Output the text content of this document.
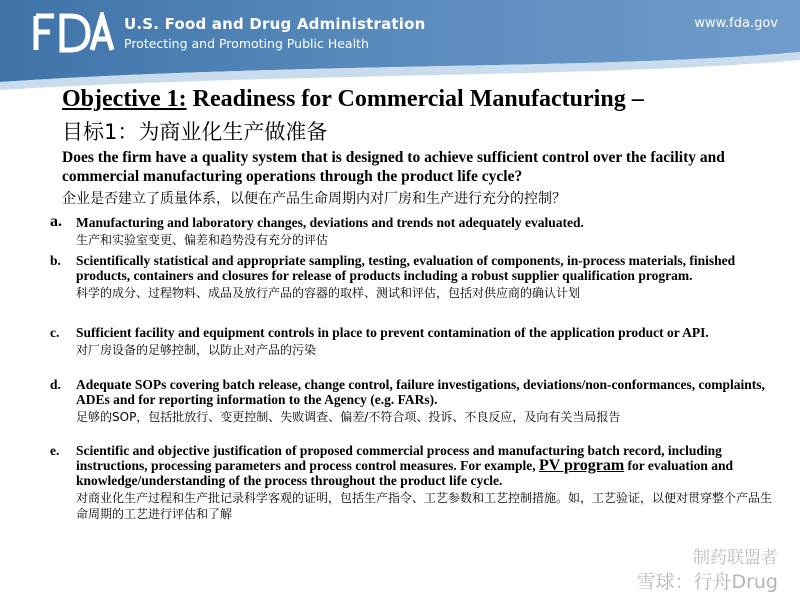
U.S. Food and Drug Administration
Protecting and Promoting Public Health
www.fda.gov
Objective 1: Readiness for Commercial Manufacturing –
目标1：为商业化生产做准备
Does the firm have a quality system that is designed to achieve sufficient control over the facility and commercial manufacturing operations through the product life cycle?
企业是否建立了质量体系，以便在产品生命周期内对厂房和生产进行充分的控制？
a. Manufacturing and laboratory changes, deviations and trends not adequately evaluated.
生产和实验室变更、偏差和趋势没有充分的评估
b. Scientifically statistical and appropriate sampling, testing, evaluation of components, in-process materials, finished products, containers and closures for release of products including a robust supplier qualification program.
科学的成分、过程物料、成品及放行产品的容器的取样、测试和评估，包括对供应商的确认计划
c. Sufficient facility and equipment controls in place to prevent contamination of the application product or API.
对厂房设备的足够控制，以防止对产品的污染
d. Adequate SOPs covering batch release, change control, failure investigations, deviations/non-conformances, complaints, ADEs and for reporting information to the Agency (e.g. FARs).
足够的SOP，包括批放行、变更控制、失败调查、偏差/不符合项、投诉、不良反应，及向有关当局报告
e. Scientific and objective justification of proposed commercial process and manufacturing batch record, including instructions, processing parameters and process control measures. For example, PV program for evaluation and knowledge/understanding of the process throughout the product life cycle.
对商业化生产过程和生产批记录科学客观的证明，包括生产指令、工艺参数和工艺控制措施。如，工艺验证，以便对贯穿整个产品生命周期的工艺进行评估和了解
制药联盟者
雪球：行舟Drug
